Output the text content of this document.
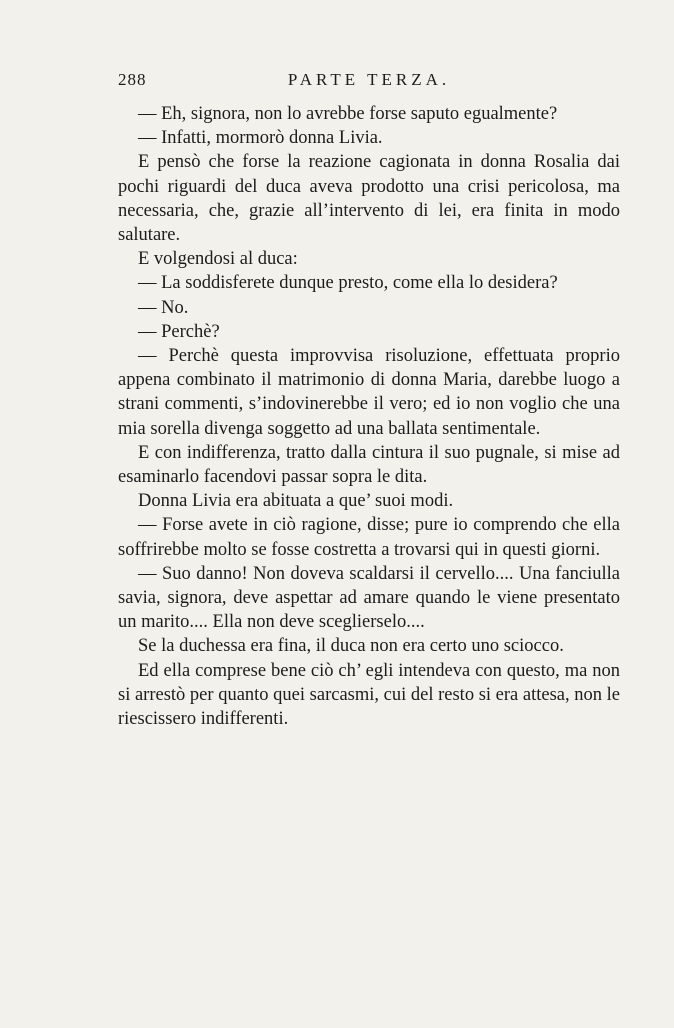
288	PARTE TERZA.

— Eh, signora, non lo avrebbe forse saputo egualmente?

— Infatti, mormorò donna Livia.

E pensò che forse la reazione cagionata in donna Rosalia dai pochi riguardi del duca aveva prodotto una crisi pericolosa, ma necessaria, che, grazie all’intervento di lei, era finita in modo salutare.

E volgendosi al duca:

— La soddisferete dunque presto, come ella lo desidera?

— No.

— Perchè?

— Perchè questa improvvisa risoluzione, effettuata proprio appena combinato il matrimonio di donna Maria, darebbe luogo a strani commenti, s’indovinerebbe il vero; ed io non voglio che una mia sorella divenga soggetto ad una ballata sentimentale.

E con indifferenza, tratto dalla cintura il suo pugnale, si mise ad esaminarlo facendovi passar sopra le dita.

Donna Livia era abituata a que’ suoi modi.

— Forse avete in ciò ragione, disse; pure io comprendo che ella soffrirebbe molto se fosse costretta a trovarsi qui in questi giorni.

— Suo danno! Non doveva scaldarsi il cervello.... Una fanciulla savia, signora, deve aspettar ad amare quando le viene presentato un marito.... Ella non deve sceglierselo....

Se la duchessa era fina, il duca non era certo uno sciocco.

Ed ella comprese bene ciò ch’ egli intendeva con questo, ma non si arrestò per quanto quei sarcasmi, cui del resto si era attesa, non le riescissero indifferenti.
